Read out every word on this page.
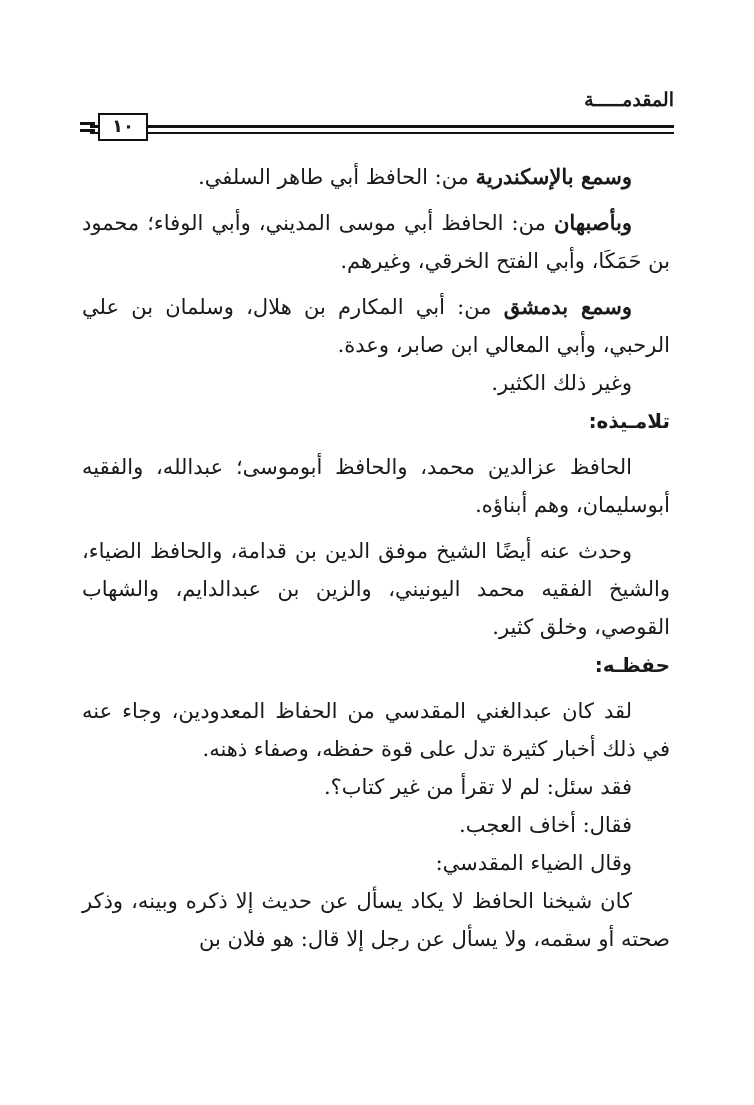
المقدمـــــة
١٠

وسمع بالإسكندرية من: الحافظ أبي طاهر السلفي.

وبأصبهان من: الحافظ أبي موسى المديني، وأبي الوفاء؛ محمود بن حَمَكَا، وأبي الفتح الخرقي، وغيرهم.

وسمع بدمشق من: أبي المكارم بن هلال، وسلمان بن علي الرحبي، وأبي المعالي ابن صابر، وعدة.

وغير ذلك الكثير.

تلامـيذه:

الحافظ عزالدين محمد، والحافظ أبوموسى؛ عبدالله، والفقيه أبوسليمان، وهم أبناؤه.

وحدث عنه أيضًا الشيخ موفق الدين بن قدامة، والحافظ الضياء، والشيخ الفقيه محمد اليونيني، والزين بن عبدالدايم، والشهاب القوصي، وخلق كثير.

حفظـه:

لقد كان عبدالغني المقدسي من الحفاظ المعدودين، وجاء عنه في ذلك أخبار كثيرة تدل على قوة حفظه، وصفاء ذهنه.

فقد سئل: لم لا تقرأ من غير كتاب؟.

فقال: أخاف العجب.

وقال الضياء المقدسي:

كان شيخنا الحافظ لا يكاد يسأل عن حديث إلا ذكره وبينه، وذكر صحته أو سقمه، ولا يسأل عن رجل إلا قال: هو فلان بن
